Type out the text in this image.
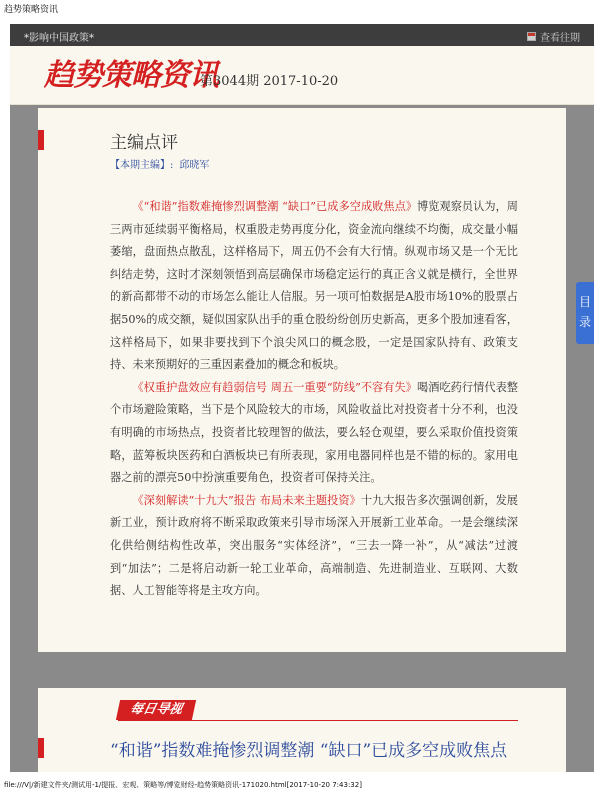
趋势策略资讯
*影响中国政策*	查看往期
趋势策略资讯
第3044期 2017-10-20
主编点评
【本期主编】: 邱晓军

《“和谐”指数难掩惨烈调整潮 “缺口”已成多空成败焦点》博览观察员认为，周三两市延续弱平衡格局，权重股走势再度分化，资金流向继续不均衡，成交量小幅萎缩，盘面热点散乱，这样格局下，周五仍不会有大行情。纵观市场又是一个无比纠结走势，这时才深刻领悟到高层确保市场稳定运行的真正含义就是横行，全世界的新高都带不动的市场怎么能让人信服。另一项可怕数据是A股市场10%的股票占据50%的成交额，疑似国家队出手的重仓股纷纷创历史新高，更多个股加速看客，这样格局下，如果非要找到下个浪尖风口的概念股，一定是国家队持有、政策支持、未来预期好的三重因素叠加的概念和板块。

《权重护盘效应有趋弱信号 周五一重要“防线”不容有失》喝酒吃药行情代表整个市场避险策略，当下是个风险较大的市场，风险收益比对投资者十分不利，也没有明确的市场热点，投资者比较理智的做法，要么轻仓观望，要么采取价值投资策略，蓝筹板块医药和白酒板块已有所表现，家用电器同样也是不错的标的。家用电器之前的漂亮50中扮演重要角色，投资者可保持关注。

《深刻解读“十九大”报告 布局未来主题投资》十九大报告多次强调创新，发展新工业，预计政府将不断采取政策来引导市场深入开展新工业革命。一是会继续深化供给侧结构性改革，突出服务“实体经济”，“三去一降一补”，从“减法”过渡到“加法”；二是将启动新一轮工业革命，高端制造、先进制造业、互联网、大数据、人工智能等将是主攻方向。

每日导视
“和谐”指数难掩惨烈调整潮 “缺口”已成多空成败焦点
目录
file:///V|/新建文件夹/测试用-1/提报、宏观、策略等/博览财经-趋势策略资讯-171020.html[2017-10-20 7:43:32]
